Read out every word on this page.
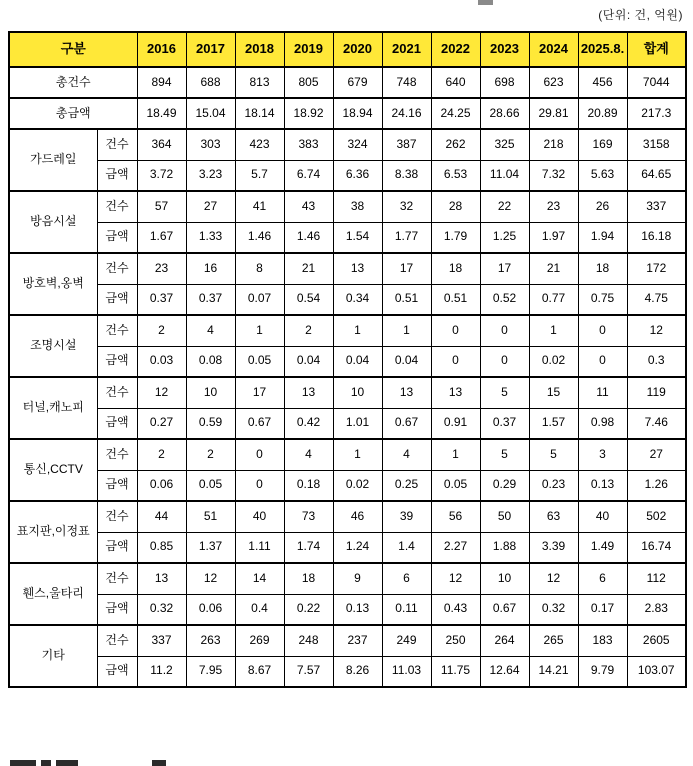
(단위: 건, 억원)
구분		2016	2017	2018	2019	2020	2021	2022	2023	2024	2025.8.	합계
총건수		894	688	813	805	679	748	640	698	623	456	7044
총금액		18.49	15.04	18.14	18.92	18.94	24.16	24.25	28.66	29.81	20.89	217.3
가드레일	건수	364	303	423	383	324	387	262	325	218	169	3158
	금액	3.72	3.23	5.7	6.74	6.36	8.38	6.53	11.04	7.32	5.63	64.65
방음시설	건수	57	27	41	43	38	32	28	22	23	26	337
	금액	1.67	1.33	1.46	1.46	1.54	1.77	1.79	1.25	1.97	1.94	16.18
방호벽,옹벽	건수	23	16	8	21	13	17	18	17	21	18	172
	금액	0.37	0.37	0.07	0.54	0.34	0.51	0.51	0.52	0.77	0.75	4.75
조명시설	건수	2	4	1	2	1	1	0	0	1	0	12
	금액	0.03	0.08	0.05	0.04	0.04	0.04	0	0	0.02	0	0.3
터널,캐노피	건수	12	10	17	13	10	13	13	5	15	11	119
	금액	0.27	0.59	0.67	0.42	1.01	0.67	0.91	0.37	1.57	0.98	7.46
통신,CCTV	건수	2	2	0	4	1	4	1	5	5	3	27
	금액	0.06	0.05	0	0.18	0.02	0.25	0.05	0.29	0.23	0.13	1.26
표지판,이정표	건수	44	51	40	73	46	39	56	50	63	40	502
	금액	0.85	1.37	1.11	1.74	1.24	1.4	2.27	1.88	3.39	1.49	16.74
휀스,울타리	건수	13	12	14	18	9	6	12	10	12	6	112
	금액	0.32	0.06	0.4	0.22	0.13	0.11	0.43	0.67	0.32	0.17	2.83
기타	건수	337	263	269	248	237	249	250	264	265	183	2605
	금액	11.2	7.95	8.67	7.57	8.26	11.03	11.75	12.64	14.21	9.79	103.07
